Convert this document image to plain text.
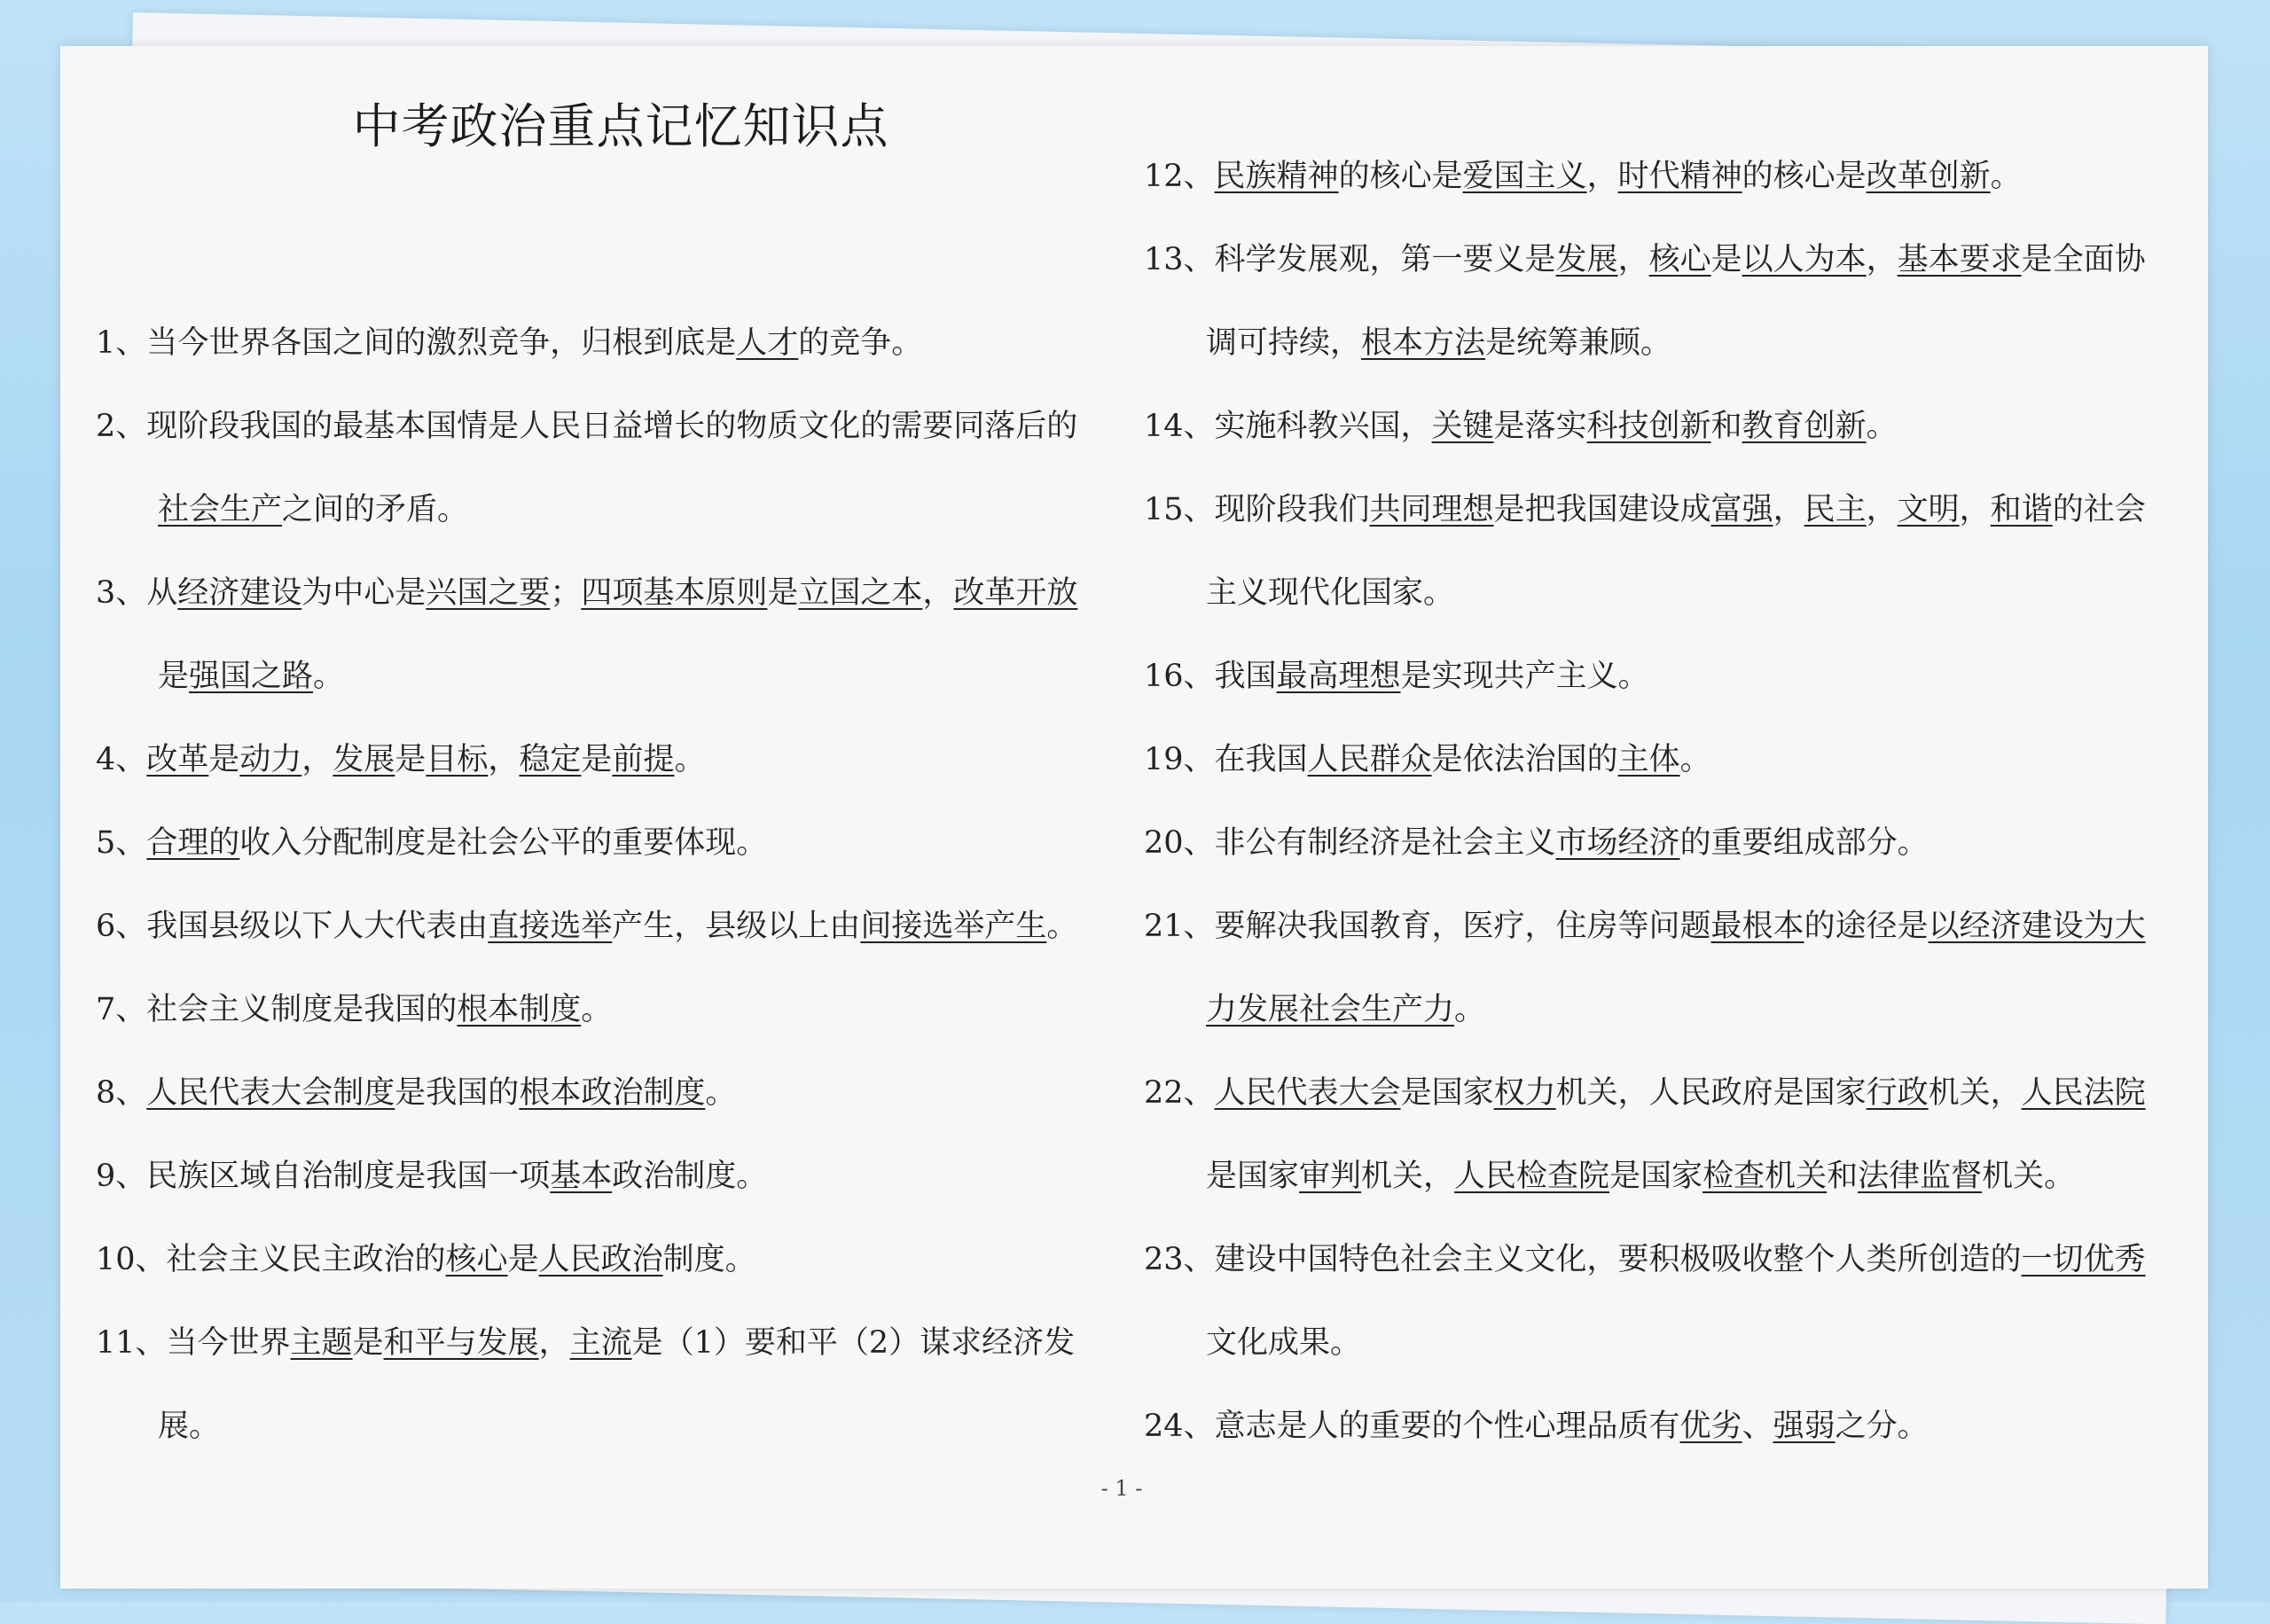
中考政治重点记忆知识点

1、当今世界各国之间的激烈竞争，归根到底是人才的竞争。

2、现阶段我国的最基本国情是人民日益增长的物质文化的需要同落后的社会生产之间的矛盾。

3、从经济建设为中心是兴国之要；四项基本原则是立国之本，改革开放是强国之路。

4、改革是动力，发展是目标，稳定是前提。

5、合理的收入分配制度是社会公平的重要体现。

6、我国县级以下人大代表由直接选举产生，县级以上由间接选举产生。

7、社会主义制度是我国的根本制度。

8、人民代表大会制度是我国的根本政治制度。

9、民族区域自治制度是我国一项基本政治制度。

10、社会主义民主政治的核心是人民政治制度。

11、当今世界主题是和平与发展，主流是（1）要和平（2）谋求经济发展。

12、民族精神的核心是爱国主义，时代精神的核心是改革创新。

13、科学发展观，第一要义是发展，核心是以人为本，基本要求是全面协调可持续，根本方法是统筹兼顾。

14、实施科教兴国，关键是落实科技创新和教育创新。

15、现阶段我们共同理想是把我国建设成富强，民主，文明，和谐的社会主义现代化国家。

16、我国最高理想是实现共产主义。

19、在我国人民群众是依法治国的主体。

20、非公有制经济是社会主义市场经济的重要组成部分。

21、要解决我国教育，医疗，住房等问题最根本的途径是以经济建设为大力发展社会生产力。

22、人民代表大会是国家权力机关，人民政府是国家行政机关，人民法院是国家审判机关，人民检查院是国家检查机关和法律监督机关。

23、建设中国特色社会主义文化，要积极吸收整个人类所创造的一切优秀文化成果。

24、意志是人的重要的个性心理品质有优劣、强弱之分。

- 1 -
